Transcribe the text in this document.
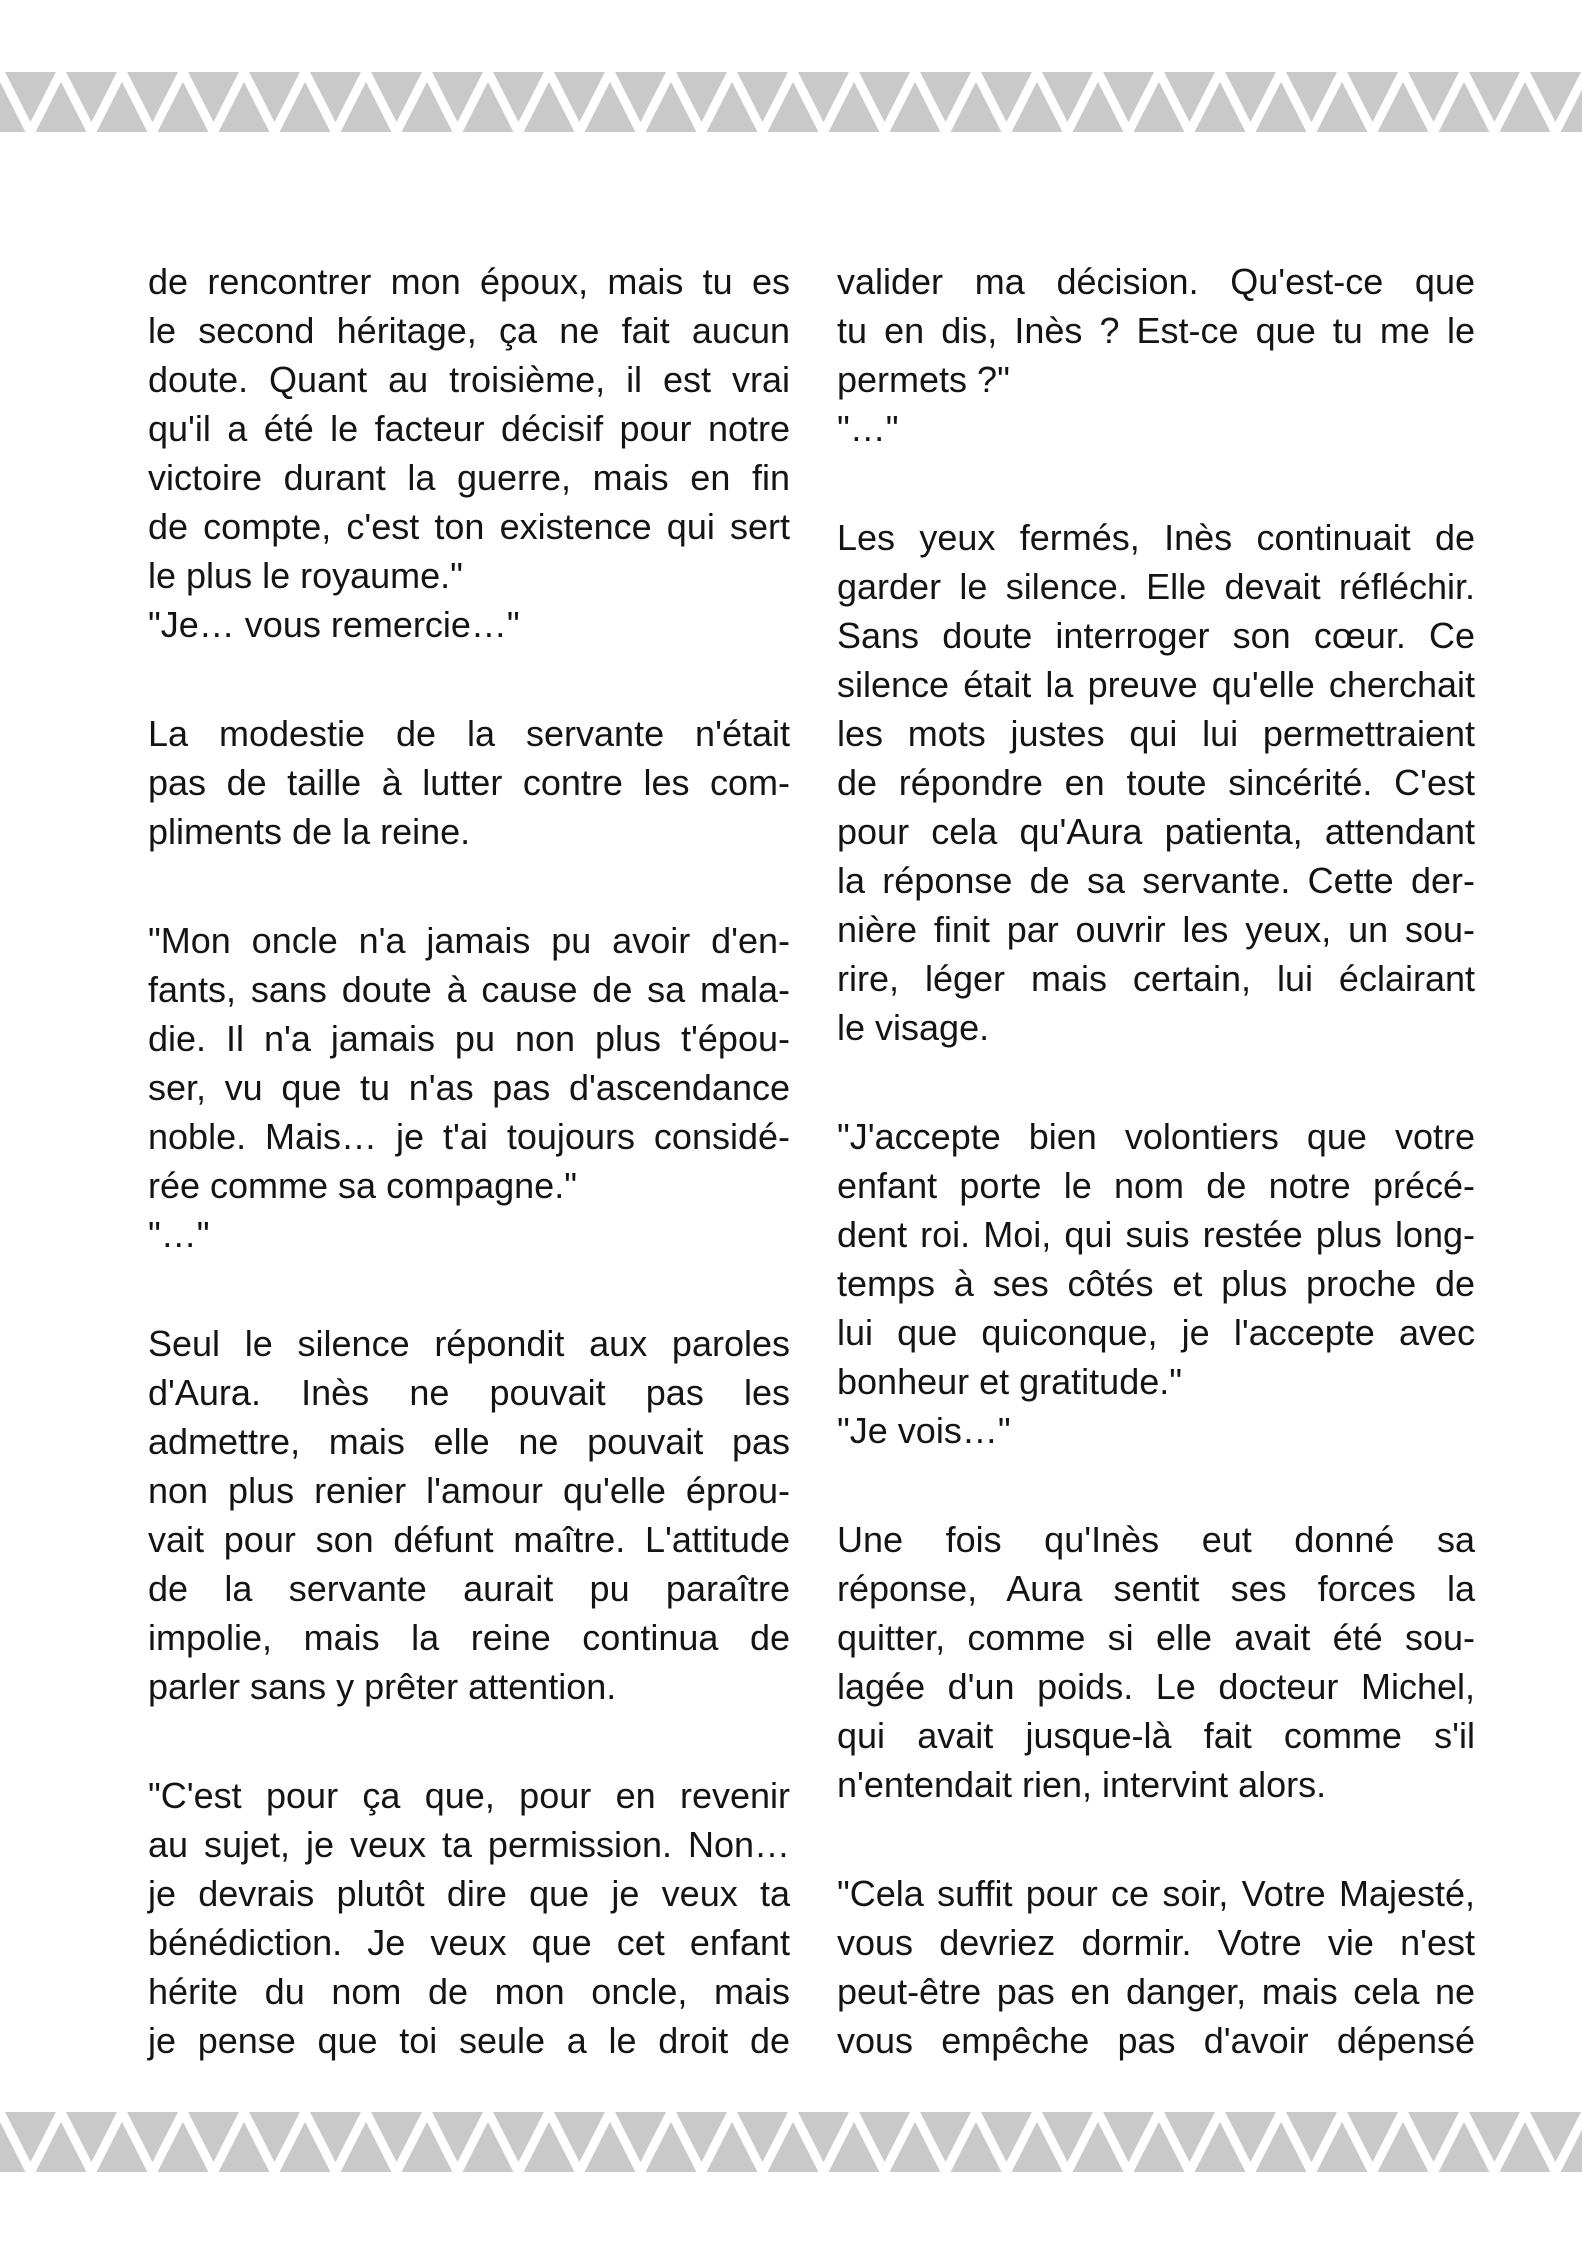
de rencontrer mon époux, mais tu es
le second héritage, ça ne fait aucun
doute. Quant au troisième, il est vrai
qu'il a été le facteur décisif pour notre
victoire durant la guerre, mais en fin
de compte, c'est ton existence qui sert
le plus le royaume."
"Je… vous remercie…"
La modestie de la servante n'était
pas de taille à lutter contre les com-
pliments de la reine.
"Mon oncle n'a jamais pu avoir d'en-
fants, sans doute à cause de sa mala-
die. Il n'a jamais pu non plus t'épou-
ser, vu que tu n'as pas d'ascendance
noble. Mais… je t'ai toujours considé-
rée comme sa compagne."
"…"
Seul le silence répondit aux paroles
d'Aura. Inès ne pouvait pas les
admettre, mais elle ne pouvait pas
non plus renier l'amour qu'elle éprou-
vait pour son défunt maître. L'attitude
de la servante aurait pu paraître
impolie, mais la reine continua de
parler sans y prêter attention.
"C'est pour ça que, pour en revenir
au sujet, je veux ta permission. Non…
je devrais plutôt dire que je veux ta
bénédiction. Je veux que cet enfant
hérite du nom de mon oncle, mais
je pense que toi seule a le droit de
valider ma décision. Qu'est-ce que
tu en dis, Inès ? Est-ce que tu me le
permets ?"
"…"
Les yeux fermés, Inès continuait de
garder le silence. Elle devait réfléchir.
Sans doute interroger son cœur. Ce
silence était la preuve qu'elle cherchait
les mots justes qui lui permettraient
de répondre en toute sincérité. C'est
pour cela qu'Aura patienta, attendant
la réponse de sa servante. Cette der-
nière finit par ouvrir les yeux, un sou-
rire, léger mais certain, lui éclairant
le visage.
"J'accepte bien volontiers que votre
enfant porte le nom de notre précé-
dent roi. Moi, qui suis restée plus long-
temps à ses côtés et plus proche de
lui que quiconque, je l'accepte avec
bonheur et gratitude."
"Je vois…"
Une fois qu'Inès eut donné sa
réponse, Aura sentit ses forces la
quitter, comme si elle avait été sou-
lagée d'un poids. Le docteur Michel,
qui avait jusque-là fait comme s'il
n'entendait rien, intervint alors.
"Cela suffit pour ce soir, Votre Majesté,
vous devriez dormir. Votre vie n'est
peut-être pas en danger, mais cela ne
vous empêche pas d'avoir dépensé
